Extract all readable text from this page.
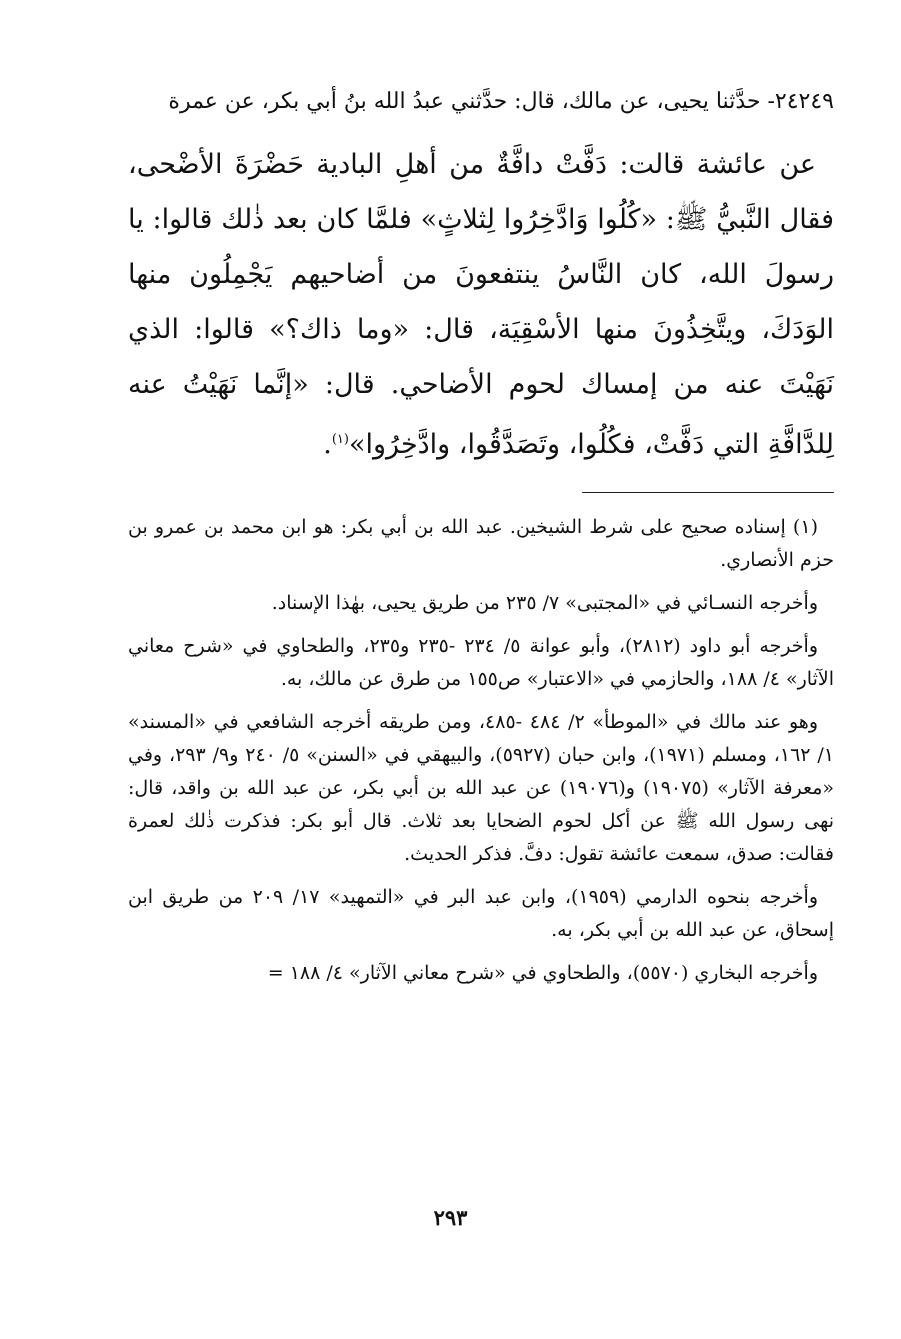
٢٤٢٤٩- حدَّثنا يحيى، عن مالك، قال: حدَّثني عبدُ الله بنُ أبي بكر، عن عمرة

عن عائشة قالت: دَفَّتْ دافَّةٌ من أهلِ البادية حَضْرَةَ الأضْحى، فقال النَّبيُّ ﷺ: «كُلُوا وَادَّخِرُوا لِثلاثٍ» فلمَّا كان بعد ذٰلك قالوا: يا رسولَ الله، كان النَّاسُ ينتفعونَ من أضاحيهم يَجْمِلُون منها الوَدَكَ، ويتَّخِذُونَ منها الأسْقِيَة، قال: «وما ذاك؟» قالوا: الذي نَهَيْتَ عنه من إمساك لحوم الأضاحي. قال: «إنَّما نَهَيْتُ عنه لِلدَّافَّةِ التي دَفَّتْ، فكُلُوا، وتَصَدَّقُوا، وادَّخِرُوا»$^{(١)}$.

(١) إسناده صحيح على شرط الشيخين. عبد الله بن أبي بكر: هو ابن محمد بن عمرو بن حزم الأنصاري.

وأخرجه النسـائي في «المجتبى» ٧/ ٢٣٥ من طريق يحيى، بهٰذا الإسناد.

وأخرجه أبو داود (٢٨١٢)، وأبو عوانة ٥/ ٢٣٤ -٢٣٥ و٢٣٥، والطحاوي في «شرح معاني الآثار» ٤/ ١٨٨، والحازمي في «الاعتبار» ص١٥٥ من طرق عن مالك، به.

وهو عند مالك في «الموطأ» ٢/ ٤٨٤ -٤٨٥، ومن طريقه أخرجه الشافعي في «المسند» ١/ ١٦٢، ومسلم (١٩٧١)، وابن حبان (٥٩٢٧)، والبيهقي في «السنن» ٥/ ٢٤٠ و٩/ ٢٩٣، وفي «معرفة الآثار» (١٩٠٧٥) و(١٩٠٧٦) عن عبد الله بن أبي بكر، عن عبد الله بن واقد، قال: نهى رسول الله ﷺ عن أكل لحوم الضحايا بعد ثلاث. قال أبو بكر: فذكرت ذٰلك لعمرة فقالت: صدق، سمعت عائشة تقول: دفَّ. فذكر الحديث.

وأخرجه بنحوه الدارمي (١٩٥٩)، وابن عبد البر في «التمهيد» ١٧/ ٢٠٩ من طريق ابن إسحاق، عن عبد الله بن أبي بكر، به.

وأخرجه البخاري (٥٥٧٠)، والطحاوي في «شرح معاني الآثار» ٤/ ١٨٨ =

٢٩٣
